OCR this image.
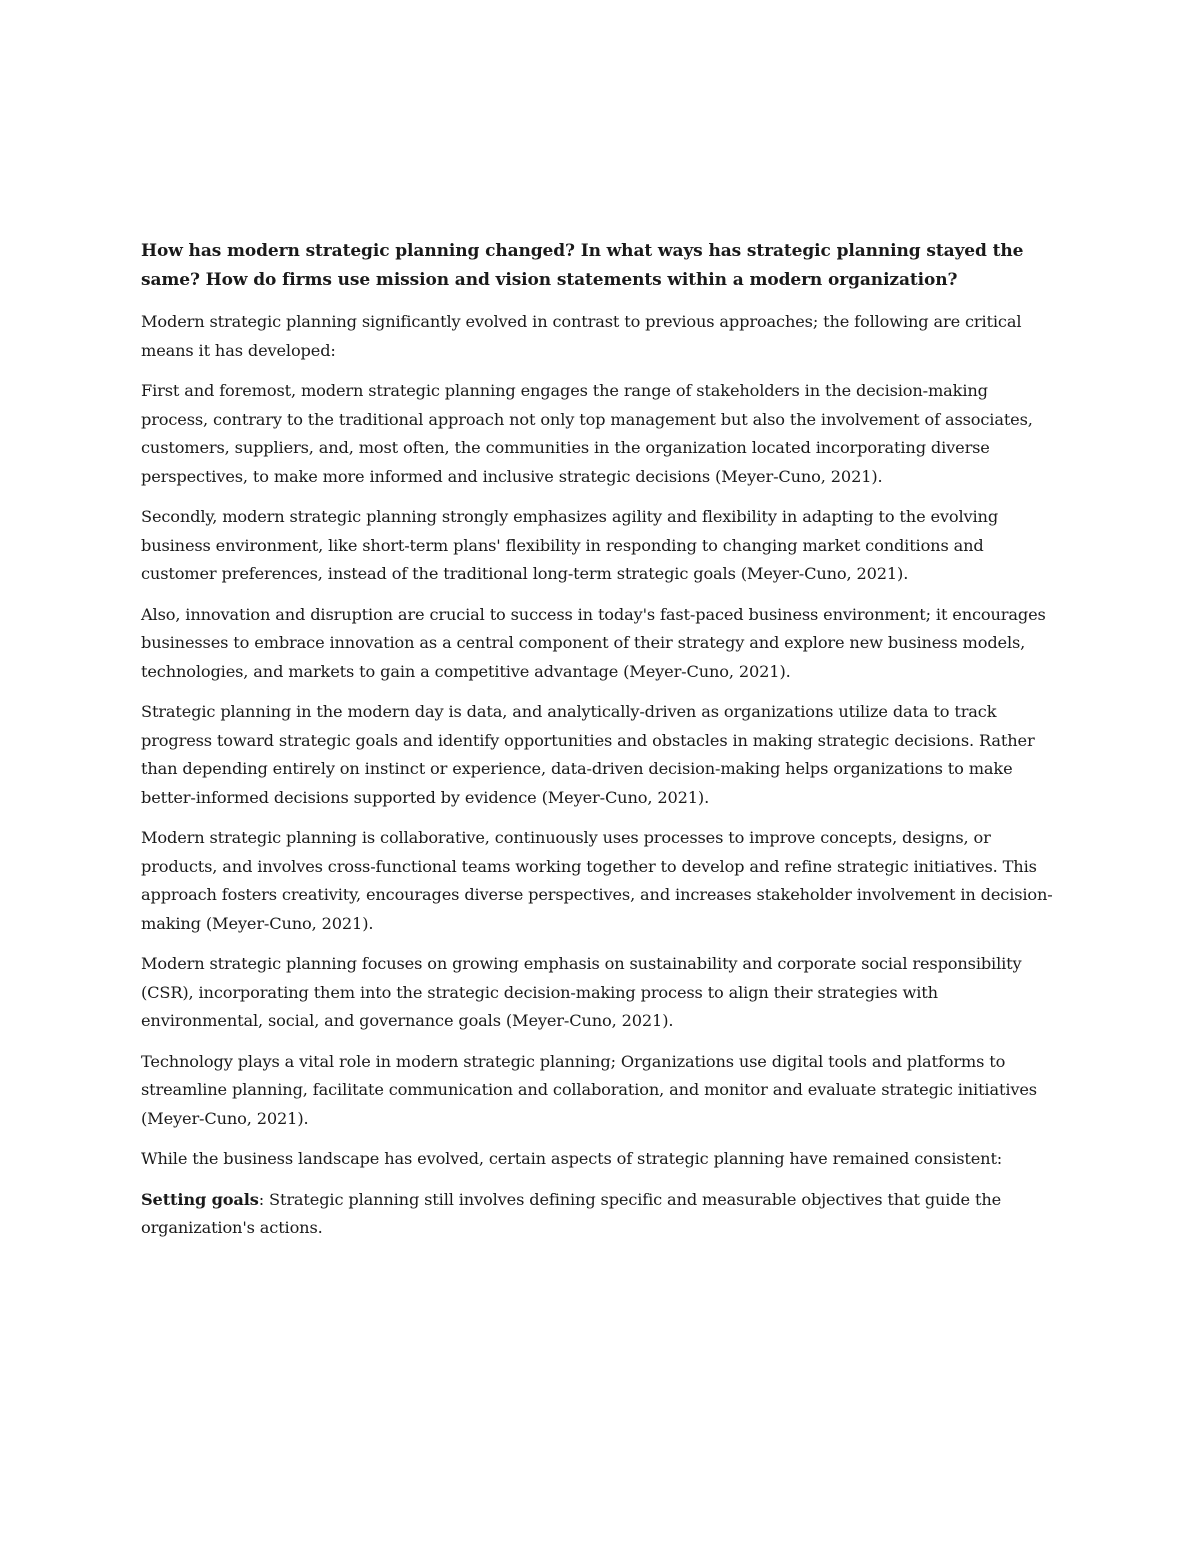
How has modern strategic planning changed? In what ways has strategic planning stayed the same? How do firms use mission and vision statements within a modern organization?

Modern strategic planning significantly evolved in contrast to previous approaches; the following are critical means it has developed:

First and foremost, modern strategic planning engages the range of stakeholders in the decision-making process, contrary to the traditional approach not only top management but also the involvement of associates, customers, suppliers, and, most often, the communities in the organization located incorporating diverse perspectives, to make more informed and inclusive strategic decisions (Meyer-Cuno, 2021).

Secondly, modern strategic planning strongly emphasizes agility and flexibility in adapting to the evolving business environment, like short-term plans' flexibility in responding to changing market conditions and customer preferences, instead of the traditional long-term strategic goals (Meyer-Cuno, 2021).

Also, innovation and disruption are crucial to success in today's fast-paced business environment; it encourages businesses to embrace innovation as a central component of their strategy and explore new business models, technologies, and markets to gain a competitive advantage (Meyer-Cuno, 2021).

Strategic planning in the modern day is data, and analytically-driven as organizations utilize data to track progress toward strategic goals and identify opportunities and obstacles in making strategic decisions. Rather than depending entirely on instinct or experience, data-driven decision-making helps organizations to make better-informed decisions supported by evidence (Meyer-Cuno, 2021).

Modern strategic planning is collaborative, continuously uses processes to improve concepts, designs, or products, and involves cross-functional teams working together to develop and refine strategic initiatives. This approach fosters creativity, encourages diverse perspectives, and increases stakeholder involvement in decision-making (Meyer-Cuno, 2021).

Modern strategic planning focuses on growing emphasis on sustainability and corporate social responsibility (CSR), incorporating them into the strategic decision-making process to align their strategies with environmental, social, and governance goals (Meyer-Cuno, 2021).

Technology plays a vital role in modern strategic planning; Organizations use digital tools and platforms to streamline planning, facilitate communication and collaboration, and monitor and evaluate strategic initiatives (Meyer-Cuno, 2021).

While the business landscape has evolved, certain aspects of strategic planning have remained consistent:

Setting goals: Strategic planning still involves defining specific and measurable objectives that guide the organization's actions.
